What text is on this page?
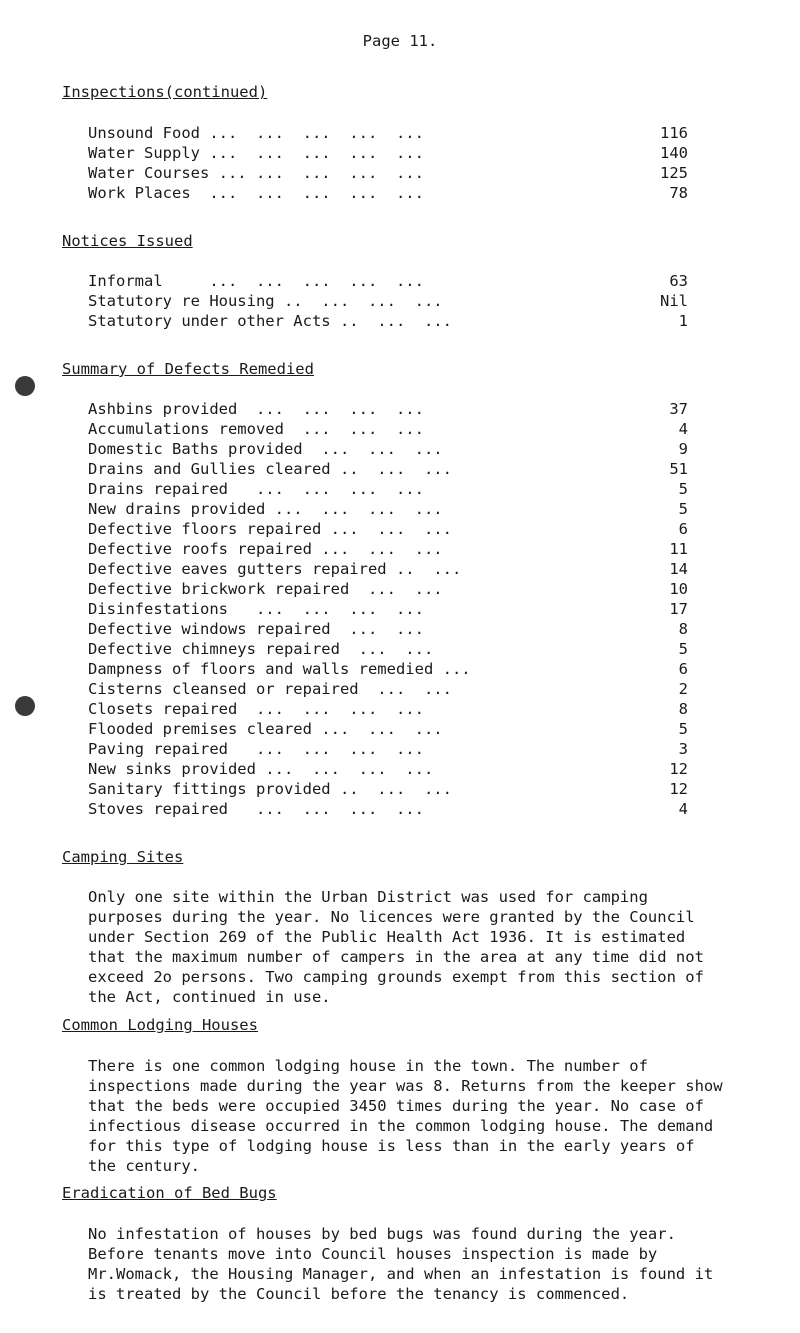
Page 11.
Inspections(continued)
Unsound Food ...  ...  ...  ...  ...	116
Water Supply ...  ...  ...  ...  ...	140
Water Courses ... ...  ...  ...  ...	125
Work Places  ...  ...  ...  ...  ...	78
Notices Issued
Informal     ...  ...  ...  ...  ...	63
Statutory re Housing ..  ...  ...  ...	Nil
Statutory under other Acts ..  ...  ...	1
Summary of Defects Remedied
Ashbins provided  ...  ...  ...  ...	37
Accumulations removed  ...  ...  ...	4
Domestic Baths provided  ...  ...  ...	9
Drains and Gullies cleared ..  ...  ...	51
Drains repaired   ...  ...  ...  ...	5
New drains provided ...  ...  ...  ...	5
Defective floors repaired ...  ...  ...	6
Defective roofs repaired ...  ...  ...	11
Defective eaves gutters repaired ..  ...	14
Defective brickwork repaired  ...  ...	10
Disinfestations   ...  ...  ...  ...	17
Defective windows repaired  ...  ...	8
Defective chimneys repaired  ...  ...	5
Dampness of floors and walls remedied ...	6
Cisterns cleansed or repaired  ...  ...	2
Closets repaired  ...  ...  ...  ...	8
Flooded premises cleared ...  ...  ...	5
Paving repaired   ...  ...  ...  ...	3
New sinks provided ...  ...  ...  ...	12
Sanitary fittings provided ..  ...  ...	12
Stoves repaired   ...  ...  ...  ...	4
Camping Sites
Only one site within the Urban District was used for camping purposes during the year. No licences were granted by the Council under Section 269 of the Public Health Act 1936. It is estimated that the maximum number of campers in the area at any time did not exceed 2o persons. Two camping grounds exempt from this section of the Act, continued in use.
Common Lodging Houses
There is one common lodging house in the town. The number of inspections made during the year was 8. Returns from the keeper show that the beds were occupied 3450 times during the year. No case of infectious disease occurred in the common lodging house. The demand for this type of lodging house is less than in the early years of the century.
Eradication of Bed Bugs
No infestation of houses by bed bugs was found during the year. Before tenants move into Council houses inspection is made by Mr.Womack, the Housing Manager, and when an infestation is found it is treated by the Council before the tenancy is commenced.
